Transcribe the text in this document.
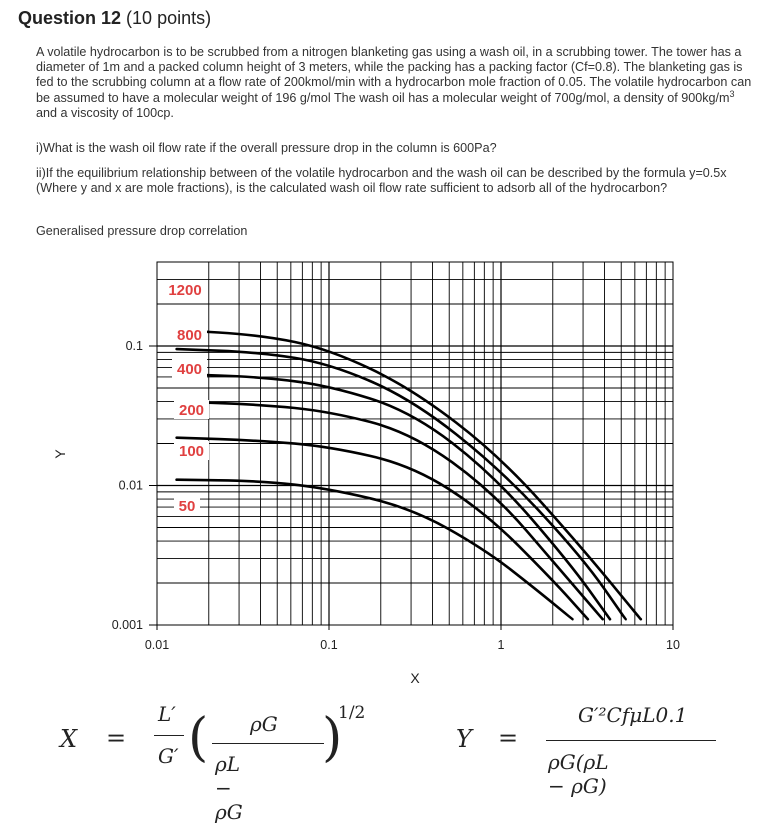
Question 12 (10 points)
A volatile hydrocarbon is to be scrubbed from a nitrogen blanketing gas using a wash oil, in a scrubbing tower. The tower has a diameter of 1m and a packed column height of 3 meters, while the packing has a packing factor (Cf=0.8). The blanketing gas is fed to the scrubbing column at a flow rate of 200kmol/min with a hydrocarbon mole fraction of 0.05. The volatile hydrocarbon can be assumed to have a molecular weight of 196 g/mol The wash oil has a molecular weight of 700g/mol, a density of $900kg/m^3$ and a viscosity of 100cp.
i)What is the wash oil flow rate if the overall pressure drop in the column is 600Pa?
ii)If the equilibrium relationship between of the volatile hydrocarbon and the wash oil can be described by the formula y=0.5x (Where y and x are mole fractions), is the calculated wash oil flow rate sufficient to adsorb all of the hydrocarbon?
Generalised pressure drop correlation
0.01	0.1	1	10
0.1
0.01
0.001
X
Y
1200
800
400
200
100
50
X =
L′
G′ ( ρG
ρL − ρG
)
1/2
Y =
G′²CfμL0.1
ρG(ρL − ρG)
